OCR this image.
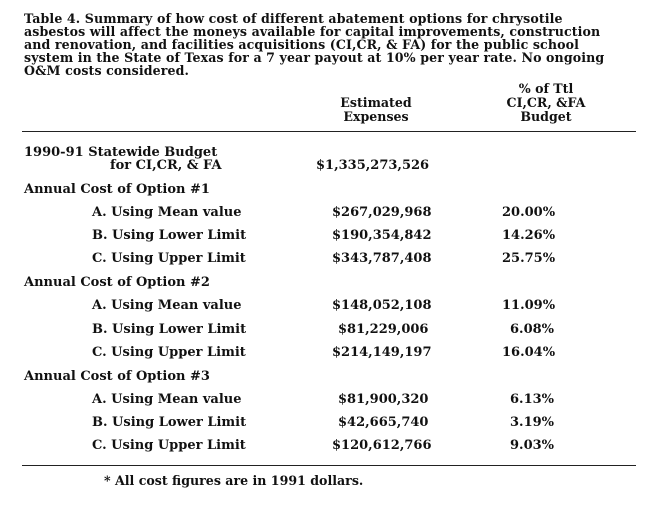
Table 4. Summary of how cost of different abatement options for chrysotile asbestos will affect the moneys available for capital improvements, construction and renovation, and facilities acquisitions (CI,CR, & FA) for the public school system in the State of Texas for a 7 year payout at 10% per year rate. No ongoing O&M costs considered.
Estimated
Expenses
% of Ttl
CI,CR, &FA
Budget
1990-91 Statewide Budget
for CI,CR, & FA	$1,335,273,526
Annual Cost of Option #1
A. Using Mean value	$267,029,968	20.00%
B. Using Lower Limit	$190,354,842	14.26%
C. Using Upper Limit	$343,787,408	25.75%
Annual Cost of Option #2
A. Using Mean value	$148,052,108	11.09%
B. Using Lower Limit	$81,229,006	6.08%
C. Using Upper Limit	$214,149,197	16.04%
Annual Cost of Option #3
A. Using Mean value	$81,900,320	6.13%
B. Using Lower Limit	$42,665,740	3.19%
C. Using Upper Limit	$120,612,766	9.03%
* All cost figures are in 1991 dollars.
